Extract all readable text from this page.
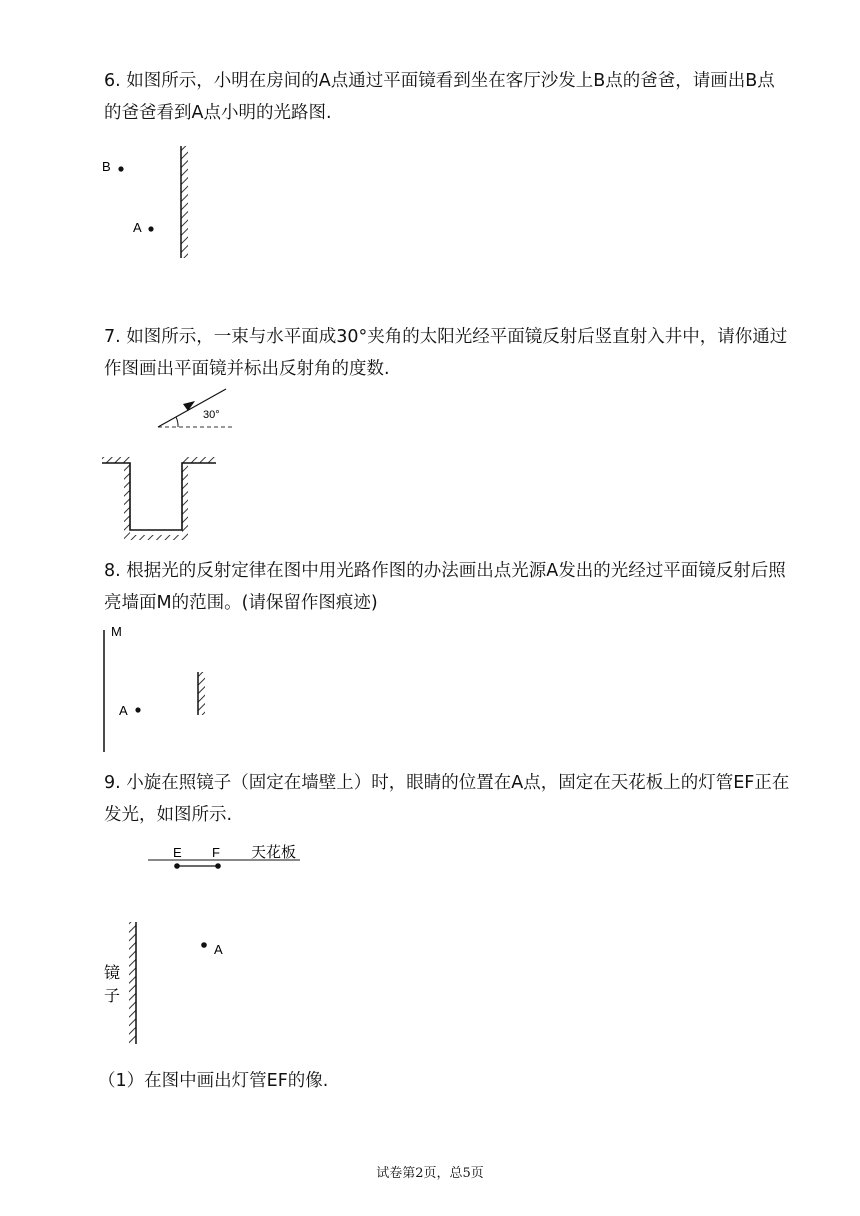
6. 如图所示，小明在房间的A点通过平面镜看到坐在客厅沙发上B点的爸爸，请画出B点
的爸爸看到A点小明的光路图.
B
A
30°
M
A
E F 天花板
A
镜
子
7. 如图所示，一束与水平面成30°夹角的太阳光经平面镜反射后竖直射入井中，请你通过
作图画出平面镜并标出反射角的度数.
8. 根据光的反射定律在图中用光路作图的办法画出点光源A发出的光经过平面镜反射后照
亮墙面M的范围。(请保留作图痕迹)
9. 小旋在照镜子（固定在墙壁上）时，眼睛的位置在A点，固定在天花板上的灯管EF正在
发光，如图所示.
（1）在图中画出灯管EF的像.
试卷第2页，总5页
